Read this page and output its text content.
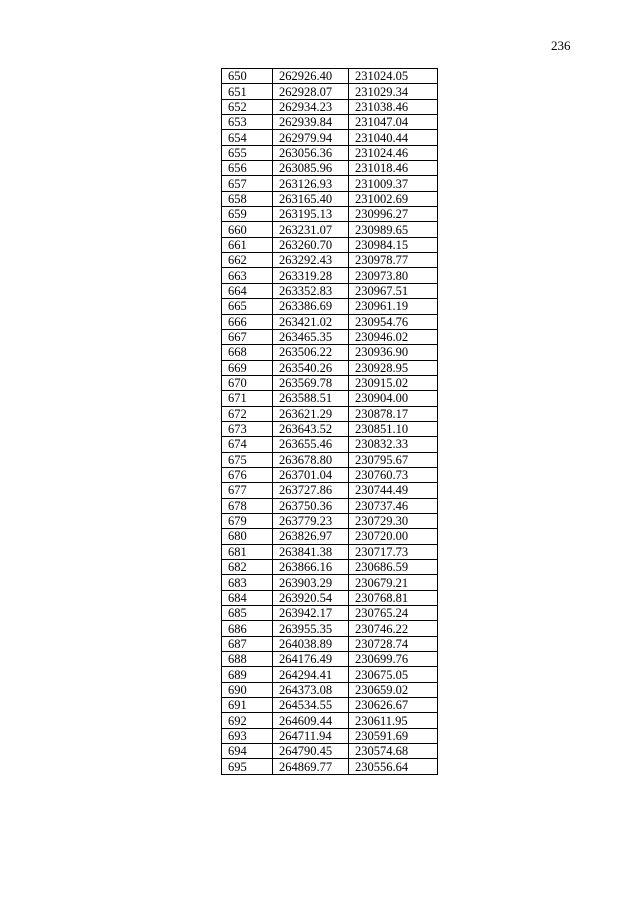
236
650	262926.40	231024.05
651	262928.07	231029.34
652	262934.23	231038.46
653	262939.84	231047.04
654	262979.94	231040.44
655	263056.36	231024.46
656	263085.96	231018.46
657	263126.93	231009.37
658	263165.40	231002.69
659	263195.13	230996.27
660	263231.07	230989.65
661	263260.70	230984.15
662	263292.43	230978.77
663	263319.28	230973.80
664	263352.83	230967.51
665	263386.69	230961.19
666	263421.02	230954.76
667	263465.35	230946.02
668	263506.22	230936.90
669	263540.26	230928.95
670	263569.78	230915.02
671	263588.51	230904.00
672	263621.29	230878.17
673	263643.52	230851.10
674	263655.46	230832.33
675	263678.80	230795.67
676	263701.04	230760.73
677	263727.86	230744.49
678	263750.36	230737.46
679	263779.23	230729.30
680	263826.97	230720.00
681	263841.38	230717.73
682	263866.16	230686.59
683	263903.29	230679.21
684	263920.54	230768.81
685	263942.17	230765.24
686	263955.35	230746.22
687	264038.89	230728.74
688	264176.49	230699.76
689	264294.41	230675.05
690	264373.08	230659.02
691	264534.55	230626.67
692	264609.44	230611.95
693	264711.94	230591.69
694	264790.45	230574.68
695	264869.77	230556.64
